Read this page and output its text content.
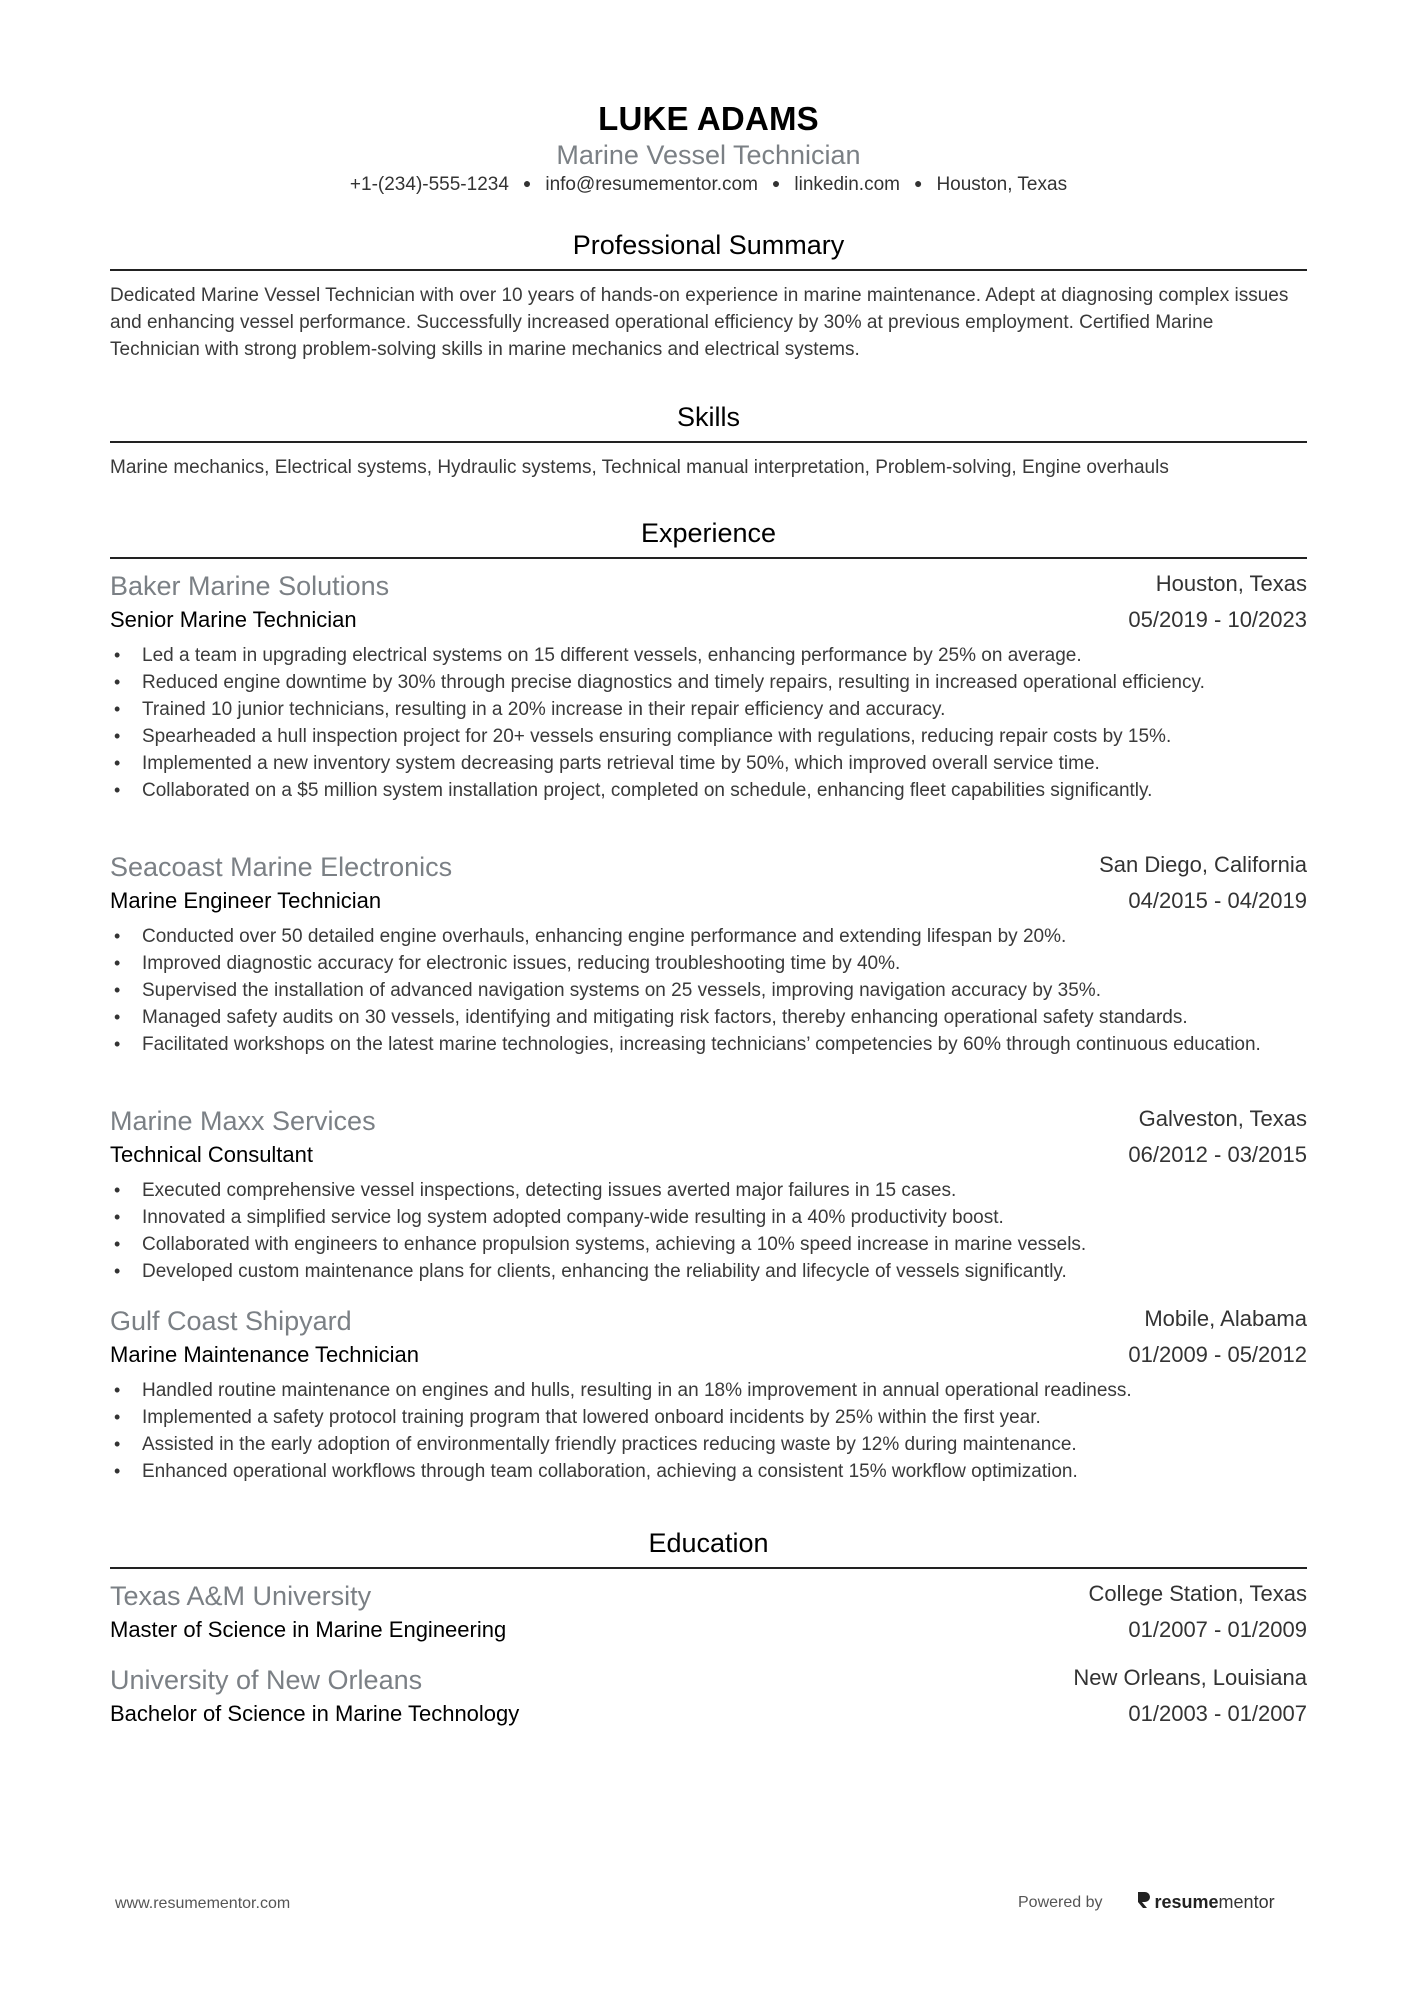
LUKE ADAMS
Marine Vessel Technician
+1-(234)-555-1234 ● info@resumementor.com ● linkedin.com ● Houston, Texas
Professional Summary
Dedicated Marine Vessel Technician with over 10 years of hands-on experience in marine maintenance. Adept at diagnosing complex issues and enhancing vessel performance. Successfully increased operational efficiency by 30% at previous employment. Certified Marine Technician with strong problem-solving skills in marine mechanics and electrical systems.
Skills
Marine mechanics, Electrical systems, Hydraulic systems, Technical manual interpretation, Problem-solving, Engine overhauls
Experience
Baker Marine Solutions	Houston, Texas
Senior Marine Technician	05/2019 - 10/2023
• Led a team in upgrading electrical systems on 15 different vessels, enhancing performance by 25% on average.
• Reduced engine downtime by 30% through precise diagnostics and timely repairs, resulting in increased operational efficiency.
• Trained 10 junior technicians, resulting in a 20% increase in their repair efficiency and accuracy.
• Spearheaded a hull inspection project for 20+ vessels ensuring compliance with regulations, reducing repair costs by 15%.
• Implemented a new inventory system decreasing parts retrieval time by 50%, which improved overall service time.
• Collaborated on a $5 million system installation project, completed on schedule, enhancing fleet capabilities significantly.
Seacoast Marine Electronics	San Diego, California
Marine Engineer Technician	04/2015 - 04/2019
• Conducted over 50 detailed engine overhauls, enhancing engine performance and extending lifespan by 20%.
• Improved diagnostic accuracy for electronic issues, reducing troubleshooting time by 40%.
• Supervised the installation of advanced navigation systems on 25 vessels, improving navigation accuracy by 35%.
• Managed safety audits on 30 vessels, identifying and mitigating risk factors, thereby enhancing operational safety standards.
• Facilitated workshops on the latest marine technologies, increasing technicians’ competencies by 60% through continuous education.
Marine Maxx Services	Galveston, Texas
Technical Consultant	06/2012 - 03/2015
• Executed comprehensive vessel inspections, detecting issues averted major failures in 15 cases.
• Innovated a simplified service log system adopted company-wide resulting in a 40% productivity boost.
• Collaborated with engineers to enhance propulsion systems, achieving a 10% speed increase in marine vessels.
• Developed custom maintenance plans for clients, enhancing the reliability and lifecycle of vessels significantly.
Gulf Coast Shipyard	Mobile, Alabama
Marine Maintenance Technician	01/2009 - 05/2012
• Handled routine maintenance on engines and hulls, resulting in an 18% improvement in annual operational readiness.
• Implemented a safety protocol training program that lowered onboard incidents by 25% within the first year.
• Assisted in the early adoption of environmentally friendly practices reducing waste by 12% during maintenance.
• Enhanced operational workflows through team collaboration, achieving a consistent 15% workflow optimization.
Education
Texas A&M University	College Station, Texas
Master of Science in Marine Engineering	01/2007 - 01/2009
University of New Orleans	New Orleans, Louisiana
Bachelor of Science in Marine Technology	01/2003 - 01/2007
www.resumementor.com	Powered by	resume mentor
